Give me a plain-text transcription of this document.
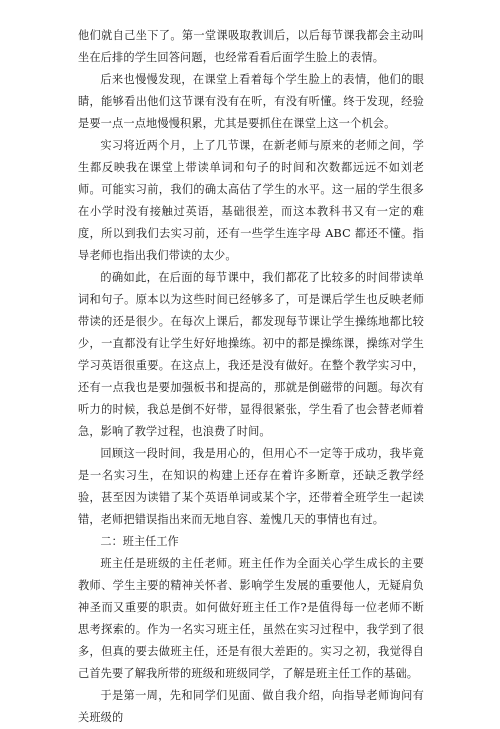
他们就自己坐下了。第一堂课吸取教训后，以后每节课我都会主动叫坐在后排的学生回答问题，也经常看看后面学生脸上的表情。

后来也慢慢发现，在课堂上看着每个学生脸上的表情，他们的眼睛，能够看出他们这节课有没有在听，有没有听懂。终于发现，经验是要一点一点地慢慢积累，尤其是要抓住在课堂上这一个机会。

实习将近两个月，上了几节课，在新老师与原来的老师之间，学生都反映我在课堂上带读单词和句子的时间和次数都远远不如刘老师。可能实习前，我们的确太高估了学生的水平。这一届的学生很多在小学时没有接触过英语，基础很差，而这本教科书又有一定的难度，所以到我们去实习前，还有一些学生连字母 ABC 都还不懂。指导老师也指出我们带读的太少。

的确如此，在后面的每节课中，我们都花了比较多的时间带读单词和句子。原本以为这些时间已经够多了，可是课后学生也反映老师带读的还是很少。在每次上课后，都发现每节课让学生操练地都比较少，一直都没有让学生好好地操练。初中的都是操练课，操练对学生学习英语很重要。在这点上，我还是没有做好。在整个教学实习中，还有一点我也是要加强板书和提高的，那就是倒磁带的问题。每次有听力的时候，我总是倒不好带，显得很紧张，学生看了也会替老师着急，影响了教学过程，也浪费了时间。

回顾这一段时间，我是用心的，但用心不一定等于成功，我毕竟是一名实习生，在知识的构建上还存在着许多断章，还缺乏教学经验，甚至因为读错了某个英语单词或某个字，还带着全班学生一起读错，老师把错误指出来而无地自容、羞愧几天的事情也有过。

二：班主任工作

班主任是班级的主任老师。班主任作为全面关心学生成长的主要教师、学生主要的精神关怀者、影响学生发展的重要他人，无疑肩负神圣而又重要的职责。如何做好班主任工作?是值得每一位老师不断思考探索的。作为一名实习班主任，虽然在实习过程中，我学到了很多，但真的要去做班主任，还是有很大差距的。实习之初，我觉得自己首先要了解我所带的班级和班级同学，了解是班主任工作的基础。

于是第一周，先和同学们见面、做自我介绍，向指导老师询问有关班级的
